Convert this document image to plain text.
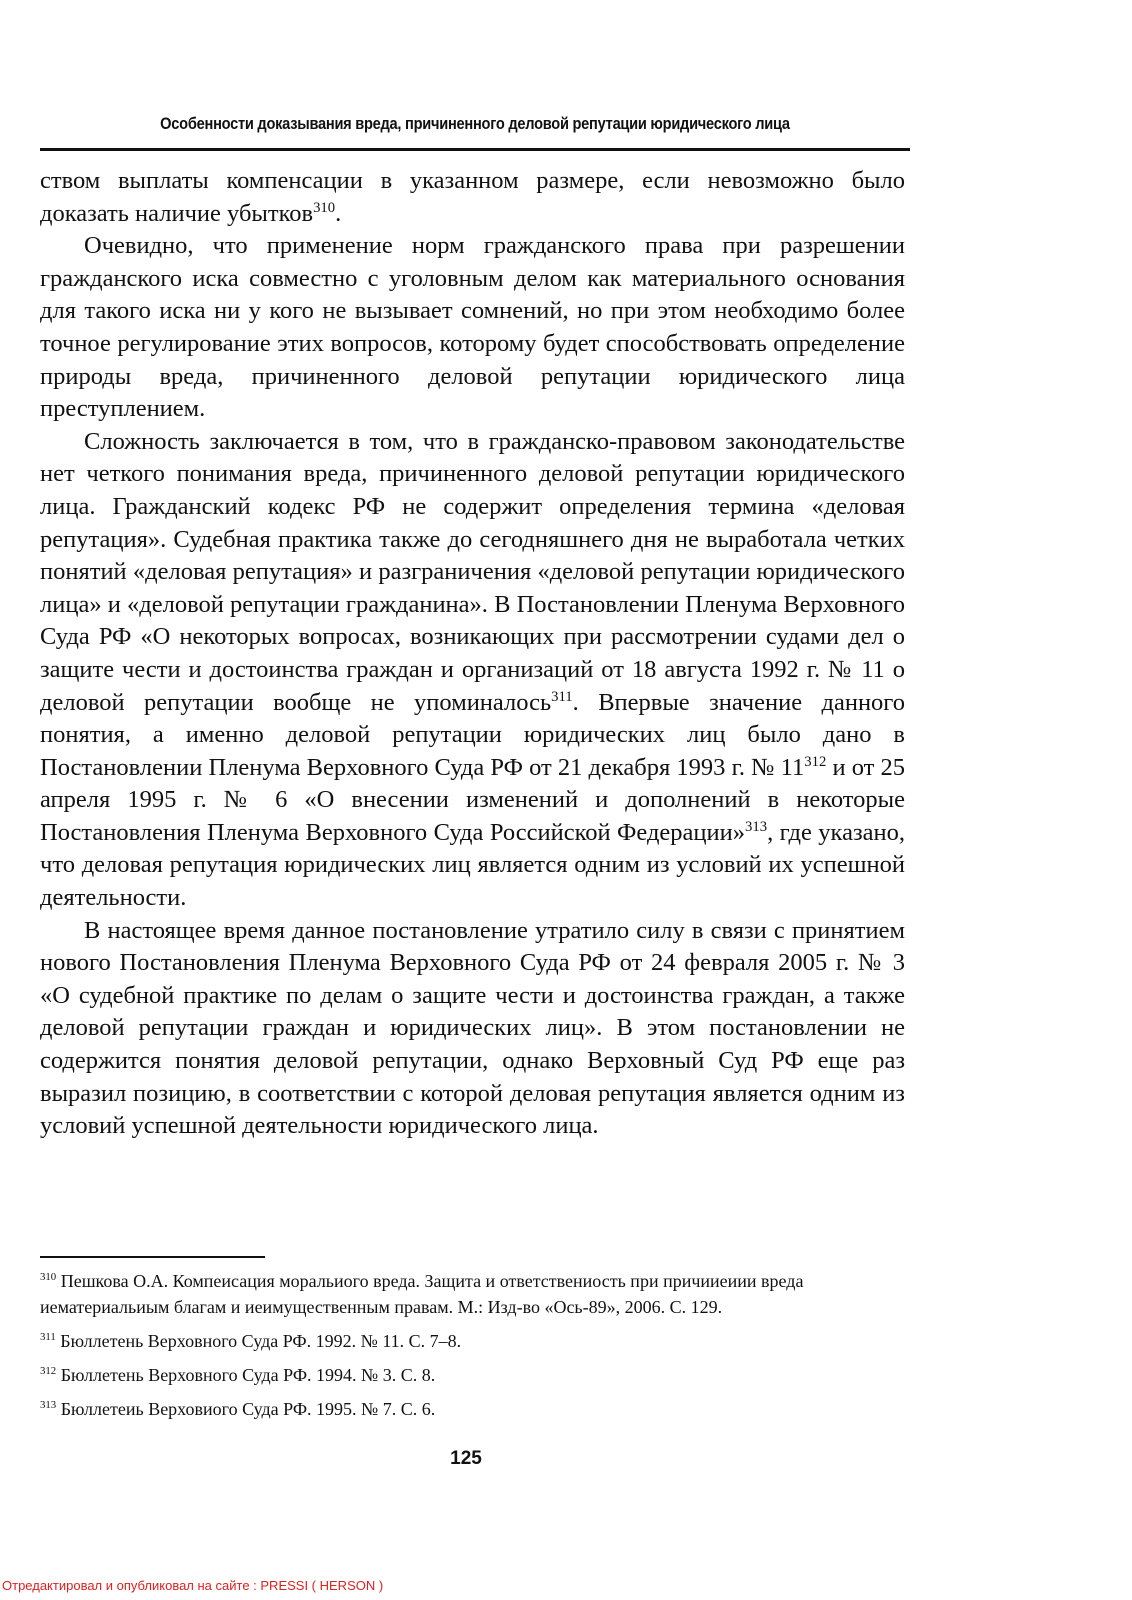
Особенности доказывания вреда, причиненного деловой репутации юридического лица

ством выплаты компенсации в указанном размере, если невозможно было доказать наличие убытков$^{310}$.

Очевидно, что применение норм гражданского права при разрешении гражданского иска совместно с уголовным делом как материального основания для такого иска ни у кого не вызывает сомнений, но при этом необходимо более точное регулирование этих вопросов, которому будет способствовать определение природы вреда, причиненного деловой репутации юридического лица преступлением.

Сложность заключается в том, что в гражданско-правовом законодательстве нет четкого понимания вреда, причиненного деловой репутации юридического лица. Гражданский кодекс РФ не содержит определения термина «деловая репутация». Судебная практика также до сегодняшнего дня не выработала четких понятий «деловая репутация» и разграничения «деловой репутации юридического лица» и «деловой репутации гражданина». В Постановлении Пленума Верховного Суда РФ «О некоторых вопросах, возникающих при рассмотрении судами дел о защите чести и достоинства граждан и организаций от 18 августа 1992 г. № 11 о деловой репутации вообще не упоминалось$^{311}$. Впервые значение данного понятия, а именно деловой репутации юридических лиц было дано в Постановлении Пленума Верховного Суда РФ от 21 декабря 1993 г. № $11^{312}$ и от 25 апреля 1995 г. № 6 «О внесении изменений и дополнений в некоторые Постановления Пленума Верховного Суда Российской Федерации»$^{313}$, где указано, что деловая репутация юридических лиц является одним из условий их успешной деятельности.

В настоящее время данное постановление утратило силу в связи с принятием нового Постановления Пленума Верховного Суда РФ от 24 февраля 2005 г. № 3 «О судебной практике по делам о защите чести и достоинства граждан, а также деловой репутации граждан и юридических лиц». В этом постановлении не содержится понятия деловой репутации, однако Верховный Суд РФ еще раз выразил позицию, в соответствии с которой деловая репутация является одним из условий успешной деятельности юридического лица.

$^{310}$ Пешкова О.А. Компеисация моральиого вреда. Защита и ответствениость при причииеиии вреда иематериальиым благам и иеимущественным правам. М.: Изд-во «Ось-89», 2006. С. 129.

$^{311}$ Бюллетень Верховного Суда РФ. 1992. № 11. С. 7–8.

$^{312}$ Бюллетень Верховного Суда РФ. 1994. № 3. С. 8.

$^{313}$ Бюллетеиь Верховиого Суда РФ. 1995. № 7. С. 6.

125
Отредактировал и опубликовал на сайте : PRESSI ( HERSON )
